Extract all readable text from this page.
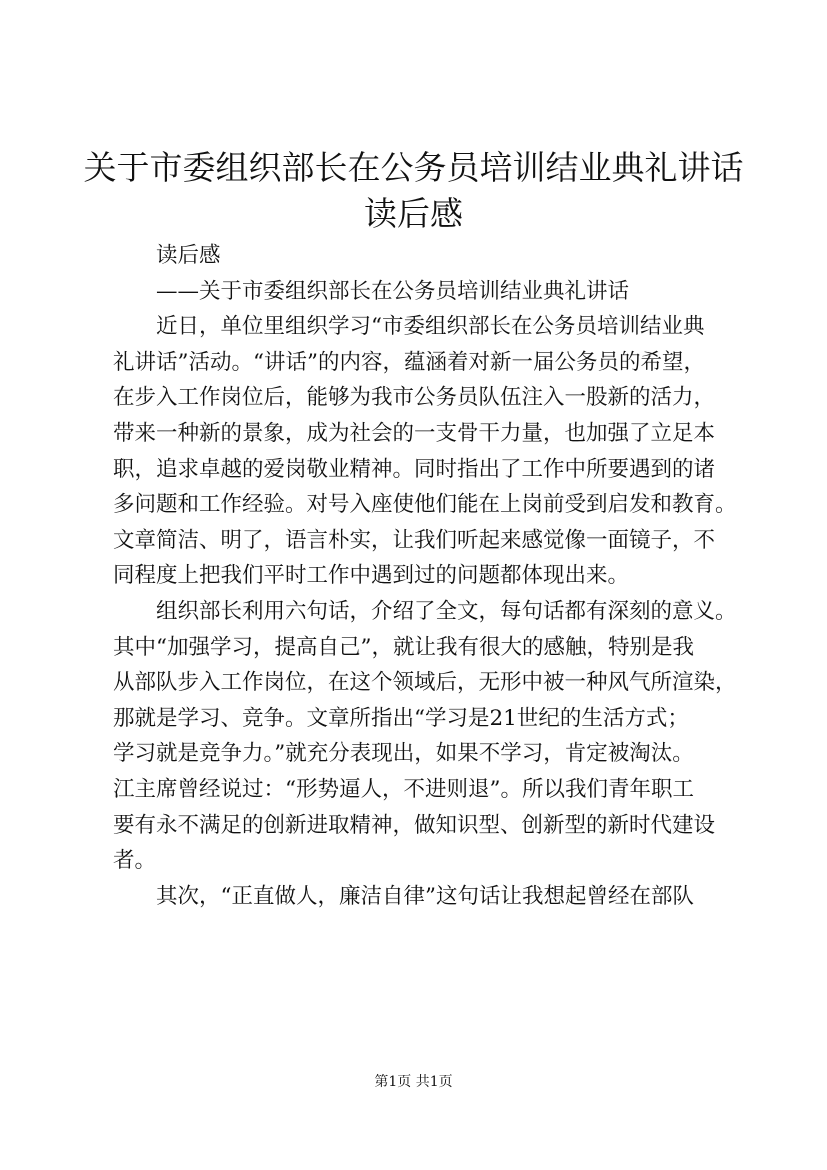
关于市委组织部长在公务员培训结业典礼讲话
读后感

读后感

——关于市委组织部长在公务员培训结业典礼讲话

近日，单位里组织学习“市委组织部长在公务员培训结业典
礼讲话”活动。“讲话”的内容，蕴涵着对新一届公务员的希望，
在步入工作岗位后，能够为我市公务员队伍注入一股新的活力，
带来一种新的景象，成为社会的一支骨干力量，也加强了立足本
职，追求卓越的爱岗敬业精神。同时指出了工作中所要遇到的诸
多问题和工作经验。对号入座使他们能在上岗前受到启发和教育。
文章简洁、明了，语言朴实，让我们听起来感觉像一面镜子，不
同程度上把我们平时工作中遇到过的问题都体现出来。

组织部长利用六句话，介绍了全文，每句话都有深刻的意义。
其中“加强学习，提高自己”，就让我有很大的感触，特别是我
从部队步入工作岗位，在这个领域后，无形中被一种风气所渲染，
那就是学习、竞争。文章所指出“学习是21世纪的生活方式；
学习就是竞争力。”就充分表现出，如果不学习，肯定被淘汰。
江主席曾经说过：“形势逼人，不进则退”。所以我们青年职工
要有永不满足的创新进取精神，做知识型、创新型的新时代建设
者。

其次，“正直做人，廉洁自律”这句话让我想起曾经在部队

第1页 共1页
